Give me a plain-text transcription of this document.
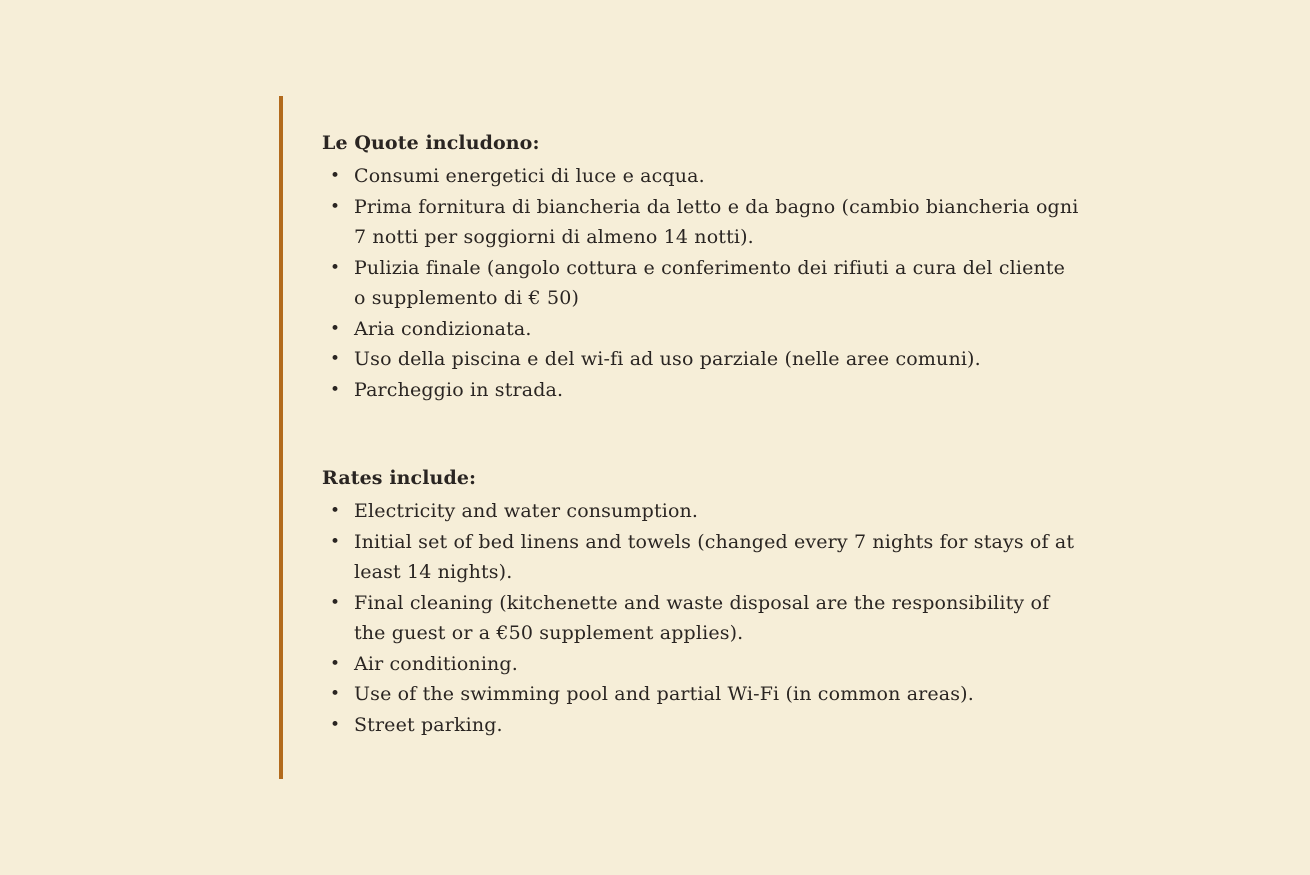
Le Quote includono:
• Consumi energetici di luce e acqua.
• Prima fornitura di biancheria da letto e da bagno (cambio biancheria ogni 7 notti per soggiorni di almeno 14 notti).
• Pulizia finale (angolo cottura e conferimento dei rifiuti a cura del cliente o supplemento di € 50)
• Aria condizionata.
• Uso della piscina e del wi-fi ad uso parziale (nelle aree comuni).
• Parcheggio in strada.
Rates include:
• Electricity and water consumption.
• Initial set of bed linens and towels (changed every 7 nights for stays of at least 14 nights).
• Final cleaning (kitchenette and waste disposal are the responsibility of the guest or a €50 supplement applies).
• Air conditioning.
• Use of the swimming pool and partial Wi-Fi (in common areas).
• Street parking.
